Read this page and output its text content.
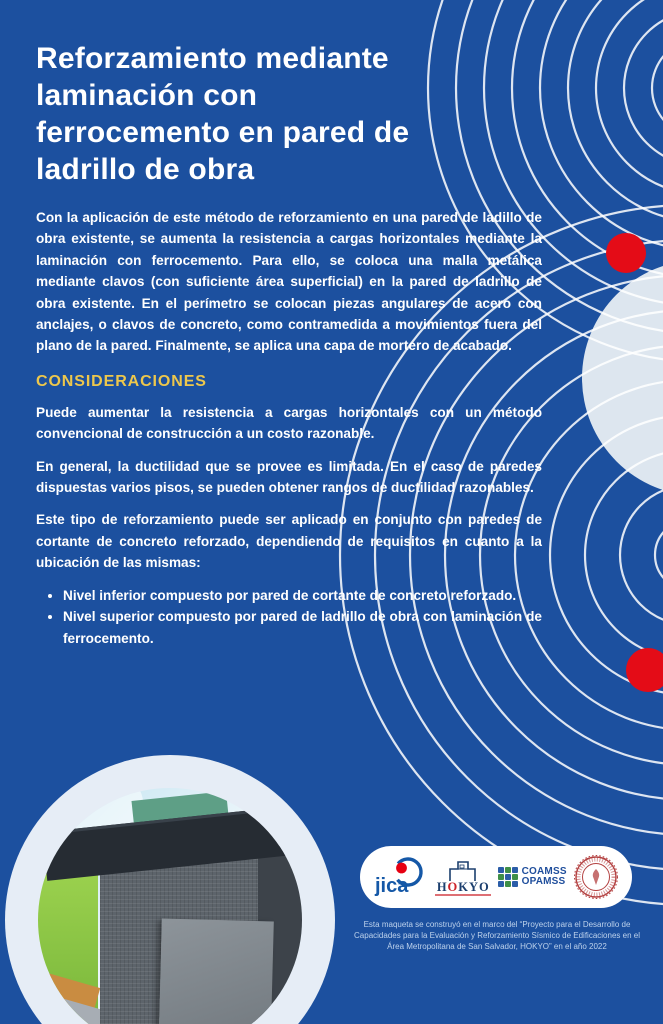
Reforzamiento mediante
laminación con
ferrocemento en pared de
ladrillo de obra

Con la aplicación de este método de reforzamiento en una pared de ladillo de obra existente, se aumenta la resistencia a cargas horizontales mediante la laminación con ferrocemento. Para ello, se coloca una malla metálica mediante clavos (con suficiente área superficial) en la pared de ladrillo de obra existente. En el perímetro se colocan piezas angulares de acero con anclajes, o clavos de concreto, como contramedida a movimientos fuera del plano de la pared. Finalmente, se aplica una capa de mortero de acabado.

CONSIDERACIONES

Puede aumentar la resistencia a cargas horizontales con un método convencional de construcción a un costo razonable.

En general, la ductilidad que se provee es limitada. En el caso de paredes dispuestas varios pisos, se pueden obtener rangos de ductilidad razonables.

Este tipo de reforzamiento puede ser aplicado en conjunto con paredes de cortante de concreto reforzado, dependiendo de requisitos en cuanto a la ubicación de las mismas:

• Nivel inferior compuesto por pared de cortante de concreto reforzado.
• Nivel superior compuesto por pared de ladrillo de obra con laminación de ferrocemento.
jica HOKYO
COAMSS
OPAMSS
Esta maqueta se construyó en el marco del “Proyecto para el Desarrollo de Capacidades para la Evaluación y Reforzamiento Sísmico de Edificaciones en el Área Metropolitana de San Salvador, HOKYO” en el año 2022
